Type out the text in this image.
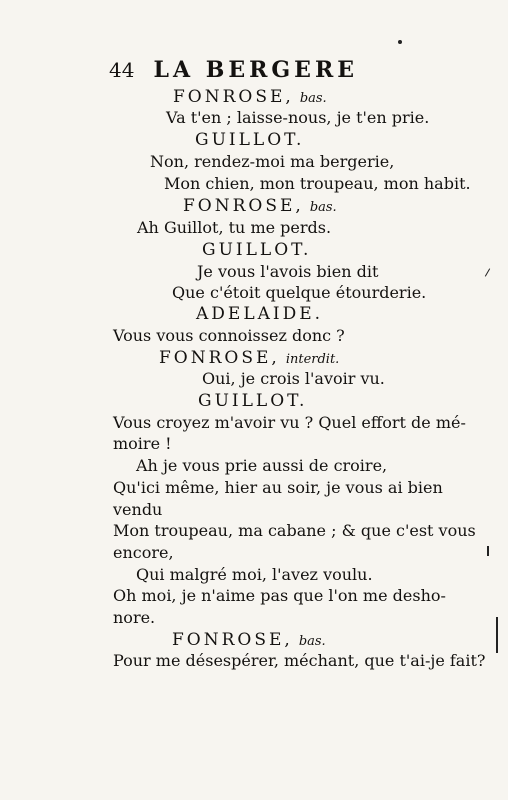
44 LA BERGERE
FONROSE, bas.
Va t'en ; laisse-nous, je t'en prie.
GUILLOT.
Non, rendez-moi ma bergerie,
Mon chien, mon troupeau, mon habit.
FONROSE, bas.
Ah Guillot, tu me perds.
GUILLOT.
Je vous l'avois bien dit
Que c'étoit quelque étourderie.
ADELAIDE.
Vous vous connoissez donc ?
FONROSE, interdit.
Oui, je crois l'avoir vu.
GUILLOT.
Vous croyez m'avoir vu ? Quel effort de mé-
moire !
Ah je vous prie aussi de croire,
Qu'ici même, hier au soir, je vous ai bien
vendu
Mon troupeau, ma cabane ; & que c'est vous
encore,
Qui malgré moi, l'avez voulu.
Oh moi, je n'aime pas que l'on me desho-
nore.
FONROSE, bas.
Pour me désespérer, méchant, que t'ai-je fait?
